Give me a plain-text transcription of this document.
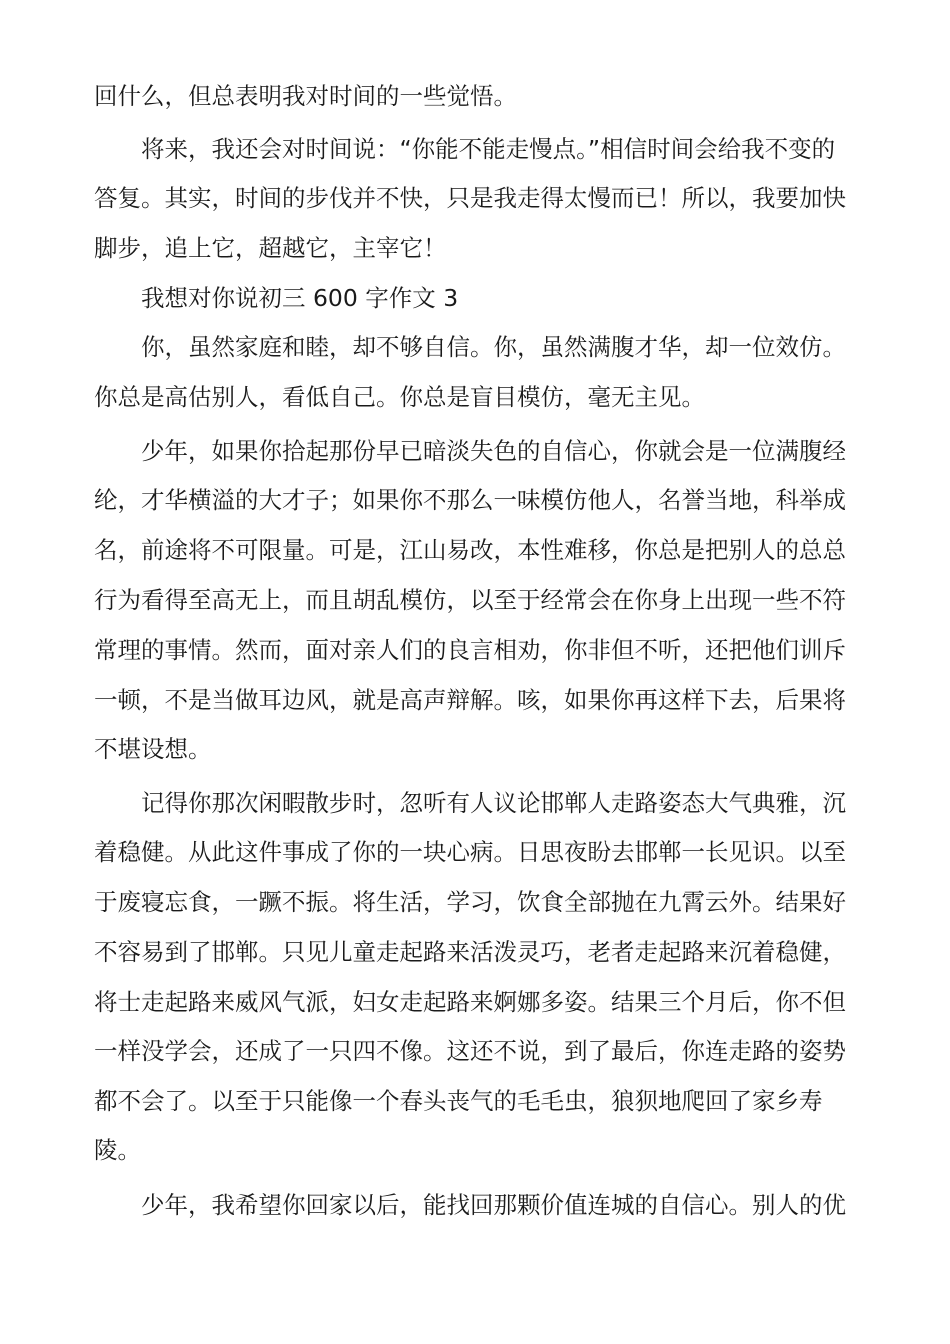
回什么，但总表明我对时间的一些觉悟。
将来，我还会对时间说：“你能不能走慢点。”相信时间会给我不变的
答复。其实，时间的步伐并不快，只是我走得太慢而已！所以，我要加快
脚步，追上它，超越它，主宰它！
我想对你说初三 600 字作文 3
你，虽然家庭和睦，却不够自信。你，虽然满腹才华，却一位效仿。
你总是高估别人，看低自己。你总是盲目模仿，毫无主见。
少年，如果你拾起那份早已暗淡失色的自信心，你就会是一位满腹经
纶，才华横溢的大才子；如果你不那么一味模仿他人，名誉当地，科举成
名，前途将不可限量。可是，江山易改，本性难移，你总是把别人的总总
行为看得至高无上，而且胡乱模仿，以至于经常会在你身上出现一些不符
常理的事情。然而，面对亲人们的良言相劝，你非但不听，还把他们训斥
一顿，不是当做耳边风，就是高声辩解。咳，如果你再这样下去，后果将
不堪设想。
记得你那次闲暇散步时，忽听有人议论邯郸人走路姿态大气典雅，沉
着稳健。从此这件事成了你的一块心病。日思夜盼去邯郸一长见识。以至
于废寝忘食，一蹶不振。将生活，学习，饮食全部抛在九霄云外。结果好
不容易到了邯郸。只见儿童走起路来活泼灵巧，老者走起路来沉着稳健，
将士走起路来威风气派，妇女走起路来婀娜多姿。结果三个月后，你不但
一样没学会，还成了一只四不像。这还不说，到了最后，你连走路的姿势
都不会了。以至于只能像一个春头丧气的毛毛虫，狼狈地爬回了家乡寿
陵。
少年，我希望你回家以后，能找回那颗价值连城的自信心。别人的优
